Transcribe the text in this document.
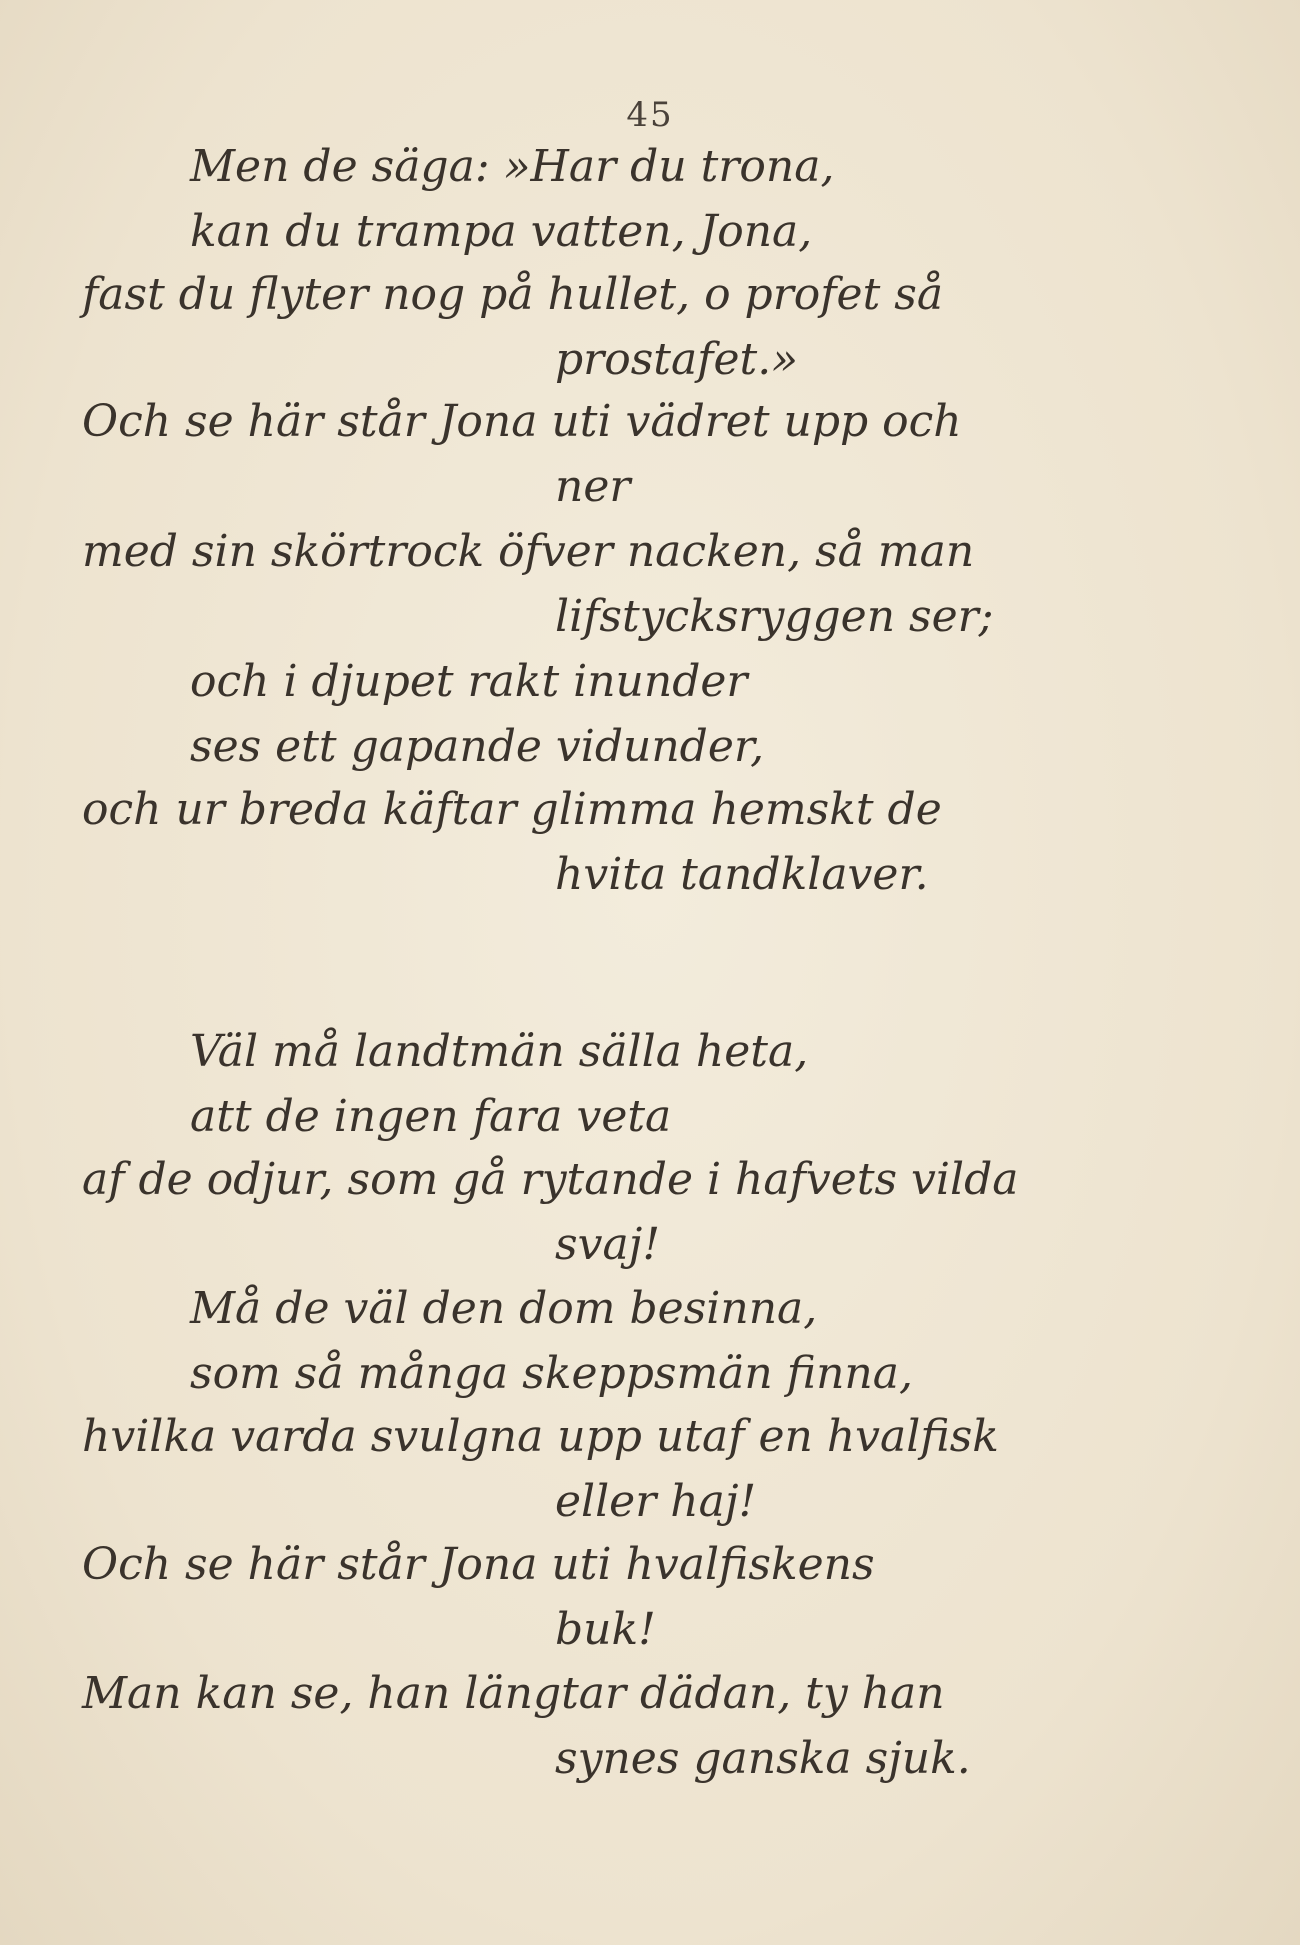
45
Men de säga: »Har du trona,
kan du trampa vatten, Jona,
fast du flyter nog på hullet, o profet så
prostafet.»
Och se här står Jona uti vädret upp och
ner
med sin skörtrock öfver nacken, så man
lifstycksryggen ser;
och i djupet rakt inunder
ses ett gapande vidunder,
och ur breda käftar glimma hemskt de
hvita tandklaver.
Väl må landtmän sälla heta,
att de ingen fara veta
af de odjur, som gå rytande i hafvets vilda
svaj!
Må de väl den dom besinna,
som så många skeppsmän finna,
hvilka varda svulgna upp utaf en hvalfisk
eller haj!
Och se här står Jona uti hvalfiskens
buk!
Man kan se, han längtar dädan, ty han
synes ganska sjuk.
